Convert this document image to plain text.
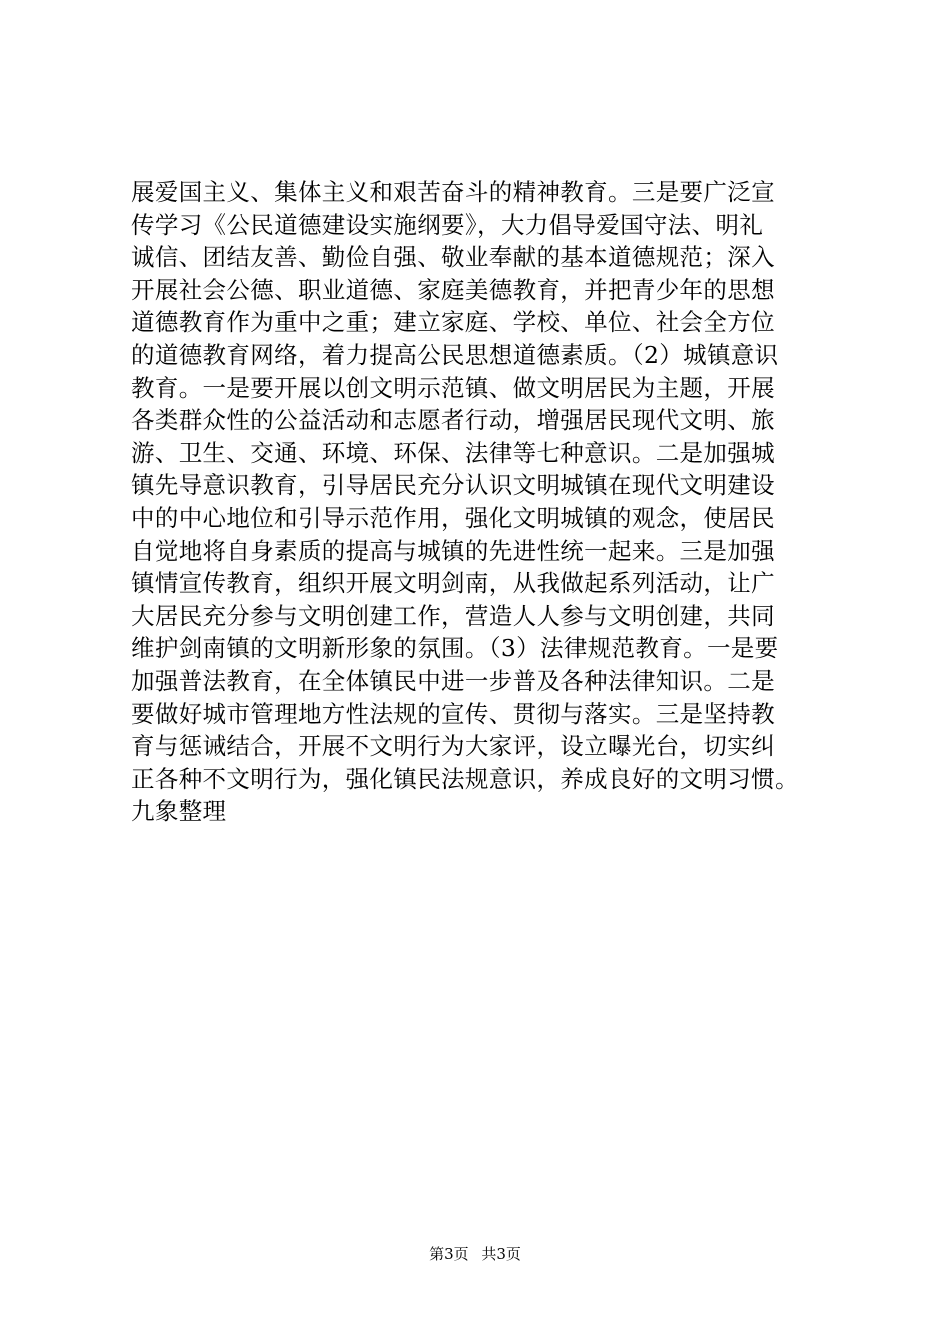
展爱国主义、集体主义和艰苦奋斗的精神教育。三是要广泛宣
传学习《公民道德建设实施纲要》，大力倡导爱国守法、明礼
诚信、团结友善、勤俭自强、敬业奉献的基本道德规范；深入
开展社会公德、职业道德、家庭美德教育，并把青少年的思想
道德教育作为重中之重；建立家庭、学校、单位、社会全方位
的道德教育网络，着力提高公民思想道德素质。（2）城镇意识
教育。一是要开展以创文明示范镇、做文明居民为主题，开展
各类群众性的公益活动和志愿者行动，增强居民现代文明、旅
游、卫生、交通、环境、环保、法律等七种意识。二是加强城
镇先导意识教育，引导居民充分认识文明城镇在现代文明建设
中的中心地位和引导示范作用，强化文明城镇的观念，使居民
自觉地将自身素质的提高与城镇的先进性统一起来。三是加强
镇情宣传教育，组织开展文明剑南，从我做起系列活动，让广
大居民充分参与文明创建工作，营造人人参与文明创建，共同
维护剑南镇的文明新形象的氛围。（3）法律规范教育。一是要
加强普法教育，在全体镇民中进一步普及各种法律知识。二是
要做好城市管理地方性法规的宣传、贯彻与落实。三是坚持教
育与惩诫结合，开展不文明行为大家评，设立曝光台，切实纠
正各种不文明行为，强化镇民法规意识，养成良好的文明习惯。
九象整理
第3页 共3页
